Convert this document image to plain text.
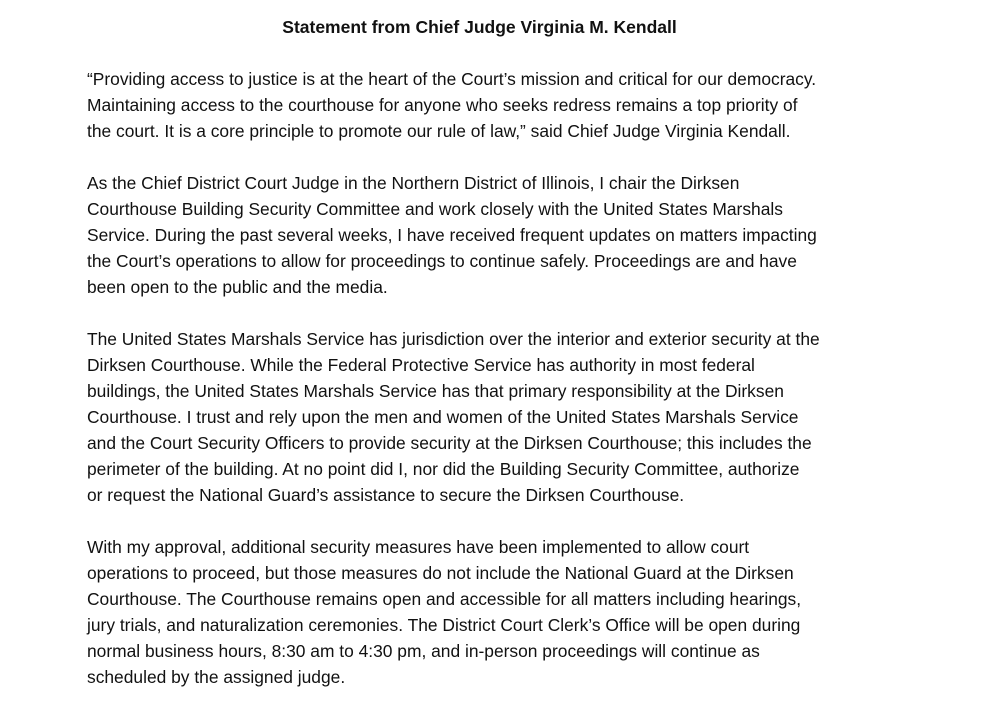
Statement from Chief Judge Virginia M. Kendall
“Providing access to justice is at the heart of the Court’s mission and critical for our democracy.
Maintaining access to the courthouse for anyone who seeks redress remains a top priority of
the court. It is a core principle to promote our rule of law,” said Chief Judge Virginia Kendall.
As the Chief District Court Judge in the Northern District of Illinois, I chair the Dirksen
Courthouse Building Security Committee and work closely with the United States Marshals
Service. During the past several weeks, I have received frequent updates on matters impacting
the Court’s operations to allow for proceedings to continue safely. Proceedings are and have
been open to the public and the media.
The United States Marshals Service has jurisdiction over the interior and exterior security at the
Dirksen Courthouse. While the Federal Protective Service has authority in most federal
buildings, the United States Marshals Service has that primary responsibility at the Dirksen
Courthouse. I trust and rely upon the men and women of the United States Marshals Service
and the Court Security Officers to provide security at the Dirksen Courthouse; this includes the
perimeter of the building. At no point did I, nor did the Building Security Committee, authorize
or request the National Guard’s assistance to secure the Dirksen Courthouse.
With my approval, additional security measures have been implemented to allow court
operations to proceed, but those measures do not include the National Guard at the Dirksen
Courthouse. The Courthouse remains open and accessible for all matters including hearings,
jury trials, and naturalization ceremonies. The District Court Clerk’s Office will be open during
normal business hours, 8:30 am to 4:30 pm, and in-person proceedings will continue as
scheduled by the assigned judge.
